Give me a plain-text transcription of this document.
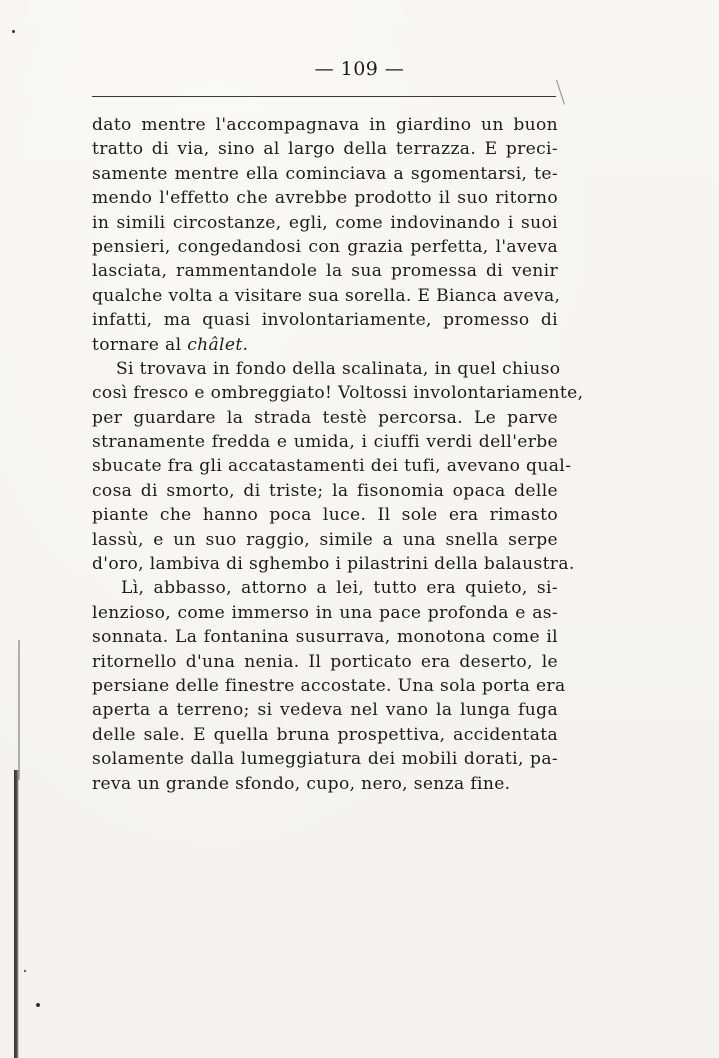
— 109 —
dato mentre l'accompagnava in giardino un buon
tratto di via, sino al largo della terrazza. E preci-
samente mentre ella cominciava a sgomentarsi, te-
mendo l'effetto che avrebbe prodotto il suo ritorno
in simili circostanze, egli, come indovinando i suoi
pensieri, congedandosi con grazia perfetta, l'aveva
lasciata, rammentandole la sua promessa di venir
qualche volta a visitare sua sorella. E Bianca aveva,
infatti, ma quasi involontariamente, promesso di
tornare al châlet.
Si trovava in fondo della scalinata, in quel chiuso
così fresco e ombreggiato! Voltossi involontariamente,
per guardare la strada testè percorsa. Le parve
stranamente fredda e umida, i ciuffi verdi dell'erbe
sbucate fra gli accatastamenti dei tufi, avevano qual-
cosa di smorto, di triste; la fisonomia opaca delle
piante che hanno poca luce. Il sole era rimasto
lassù, e un suo raggio, simile a una snella serpe
d'oro, lambiva di sghembo i pilastrini della balaustra.
Lì, abbasso, attorno a lei, tutto era quieto, si-
lenzioso, come immerso in una pace profonda e as-
sonnata. La fontanina susurrava, monotona come il
ritornello d'una nenia. Il porticato era deserto, le
persiane delle finestre accostate. Una sola porta era
aperta a terreno; si vedeva nel vano la lunga fuga
delle sale. E quella bruna prospettiva, accidentata
solamente dalla lumeggiatura dei mobili dorati, pa-
reva un grande sfondo, cupo, nero, senza fine.
